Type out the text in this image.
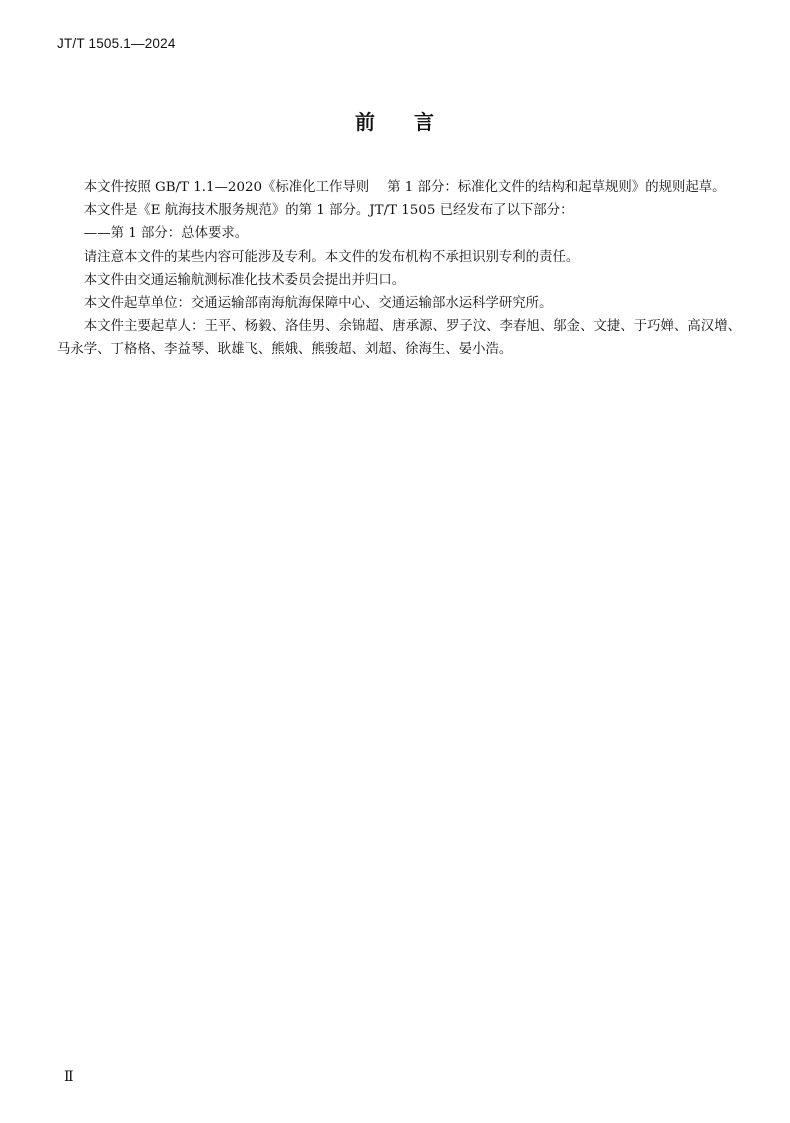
JT/T 1505.1—2024
前 言

本文件按照 GB/T 1.1—2020《标准化工作导则 第 1 部分：标准化文件的结构和起草规则》的规则起草。

本文件是《E 航海技术服务规范》的第 1 部分。JT/T 1505 已经发布了以下部分：

——第 1 部分：总体要求。

请注意本文件的某些内容可能涉及专利。本文件的发布机构不承担识别专利的责任。

本文件由交通运输航测标准化技术委员会提出并归口。

本文件起草单位：交通运输部南海航海保障中心、交通运输部水运科学研究所。

本文件主要起草人：王平、杨毅、洛佳男、余锦超、唐承源、罗子汶、李春旭、邬金、文捷、于巧婵、高汉增、马永学、丁格格、李益琴、耿雄飞、熊娥、熊骏超、刘超、徐海生、晏小浩。

Ⅱ
